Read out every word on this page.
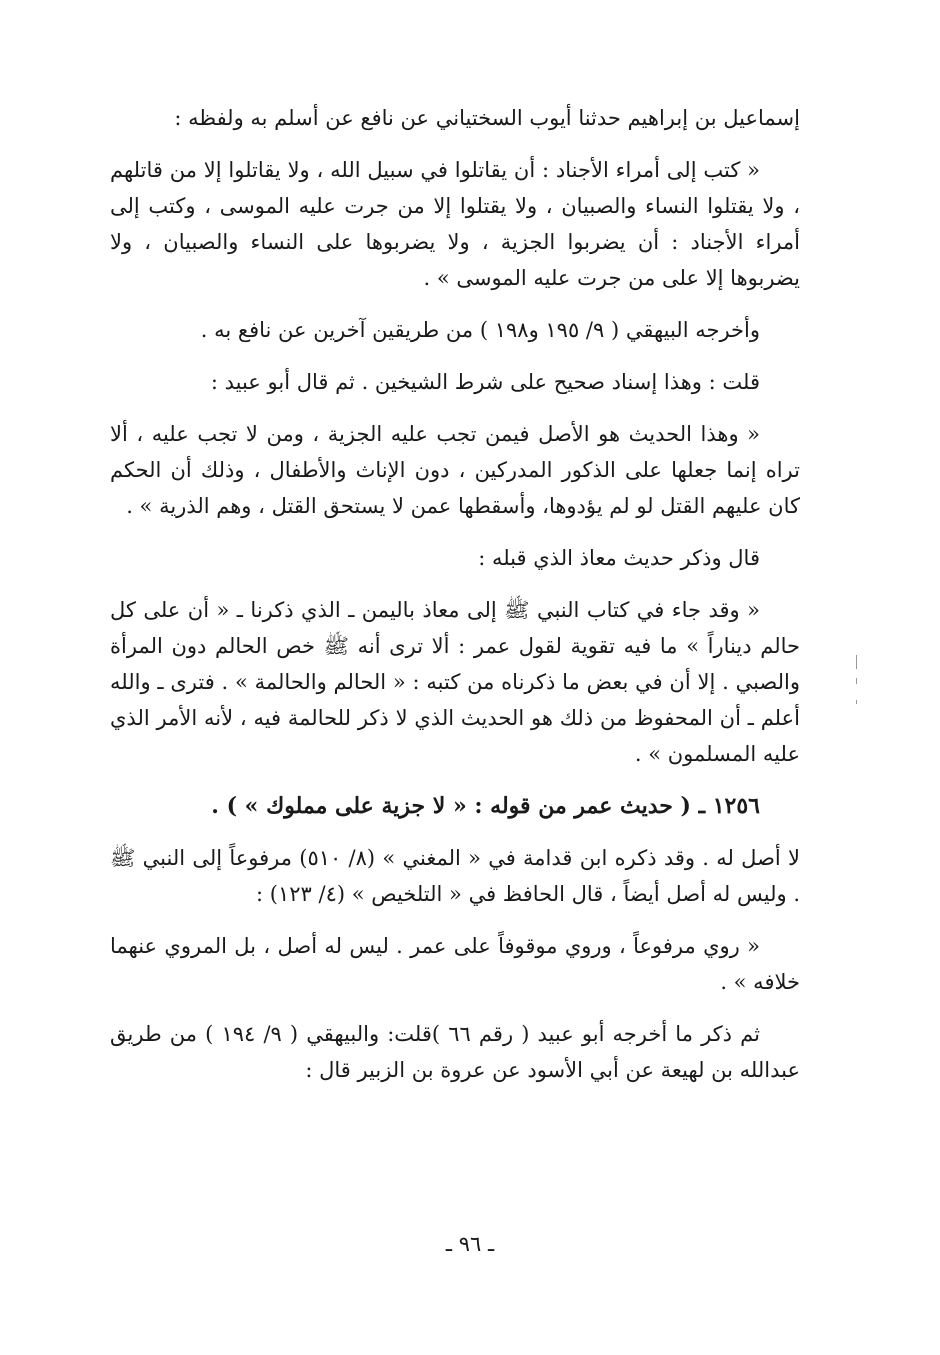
إسماعيل بن إبراهيم حدثنا أيوب السختياني عن نافع عن أسلم به ولفظه :

« كتب إلى أمراء الأجناد : أن يقاتلوا في سبيل الله ، ولا يقاتلوا إلا من قاتلهم ، ولا يقتلوا النساء والصبيان ، ولا يقتلوا إلا من جرت عليه الموسى ، وكتب إلى أمراء الأجناد : أن يضربوا الجزية ، ولا يضربوها على النساء والصبيان ، ولا يضربوها إلا على من جرت عليه الموسى » .

وأخرجه البيهقي ( ٩/ ١٩٥ و١٩٨ ) من طريقين آخرين عن نافع به .

قلت : وهذا إسناد صحيح على شرط الشيخين . ثم قال أبو عبيد :

« وهذا الحديث هو الأصل فيمن تجب عليه الجزية ، ومن لا تجب عليه ، ألا تراه إنما جعلها على الذكور المدركين ، دون الإناث والأطفال ، وذلك أن الحكم كان عليهم القتل لو لم يؤدوها، وأسقطها عمن لا يستحق القتل ، وهم الذرية » .

قال وذكر حديث معاذ الذي قبله :

« وقد جاء في كتاب النبي ﷺ إلى معاذ باليمن ـ الذي ذكرنا ـ « أن على كل حالم ديناراً » ما فيه تقوية لقول عمر : ألا ترى أنه ﷺ خص الحالم دون المرأة والصبي . إلا أن في بعض ما ذكرناه من كتبه : « الحالم والحالمة » . فترى ـ والله أعلم ـ أن المحفوظ من ذلك هو الحديث الذي لا ذكر للحالمة فيه ، لأنه الأمر الذي عليه المسلمون » .

١٢٥٦ ـ ( حديث عمر من قوله : « لا جزية على مملوك » ) .

لا أصل له . وقد ذكره ابن قدامة في « المغني » (٨/ ٥١٠) مرفوعاً إلى النبي ﷺ . وليس له أصل أيضاً ، قال الحافظ في « التلخيص » (٤/ ١٢٣) :

« روي مرفوعاً ، وروي موقوفاً على عمر . ليس له أصل ، بل المروي عنهما خلافه » .

ثم ذكر ما أخرجه أبو عبيد ( رقم ٦٦ )قلت: والبيهقي ( ٩/ ١٩٤ ) من طريق عبدالله بن لهيعة عن أبي الأسود عن عروة بن الزبير قال :

ـ ٩٦ ـ
